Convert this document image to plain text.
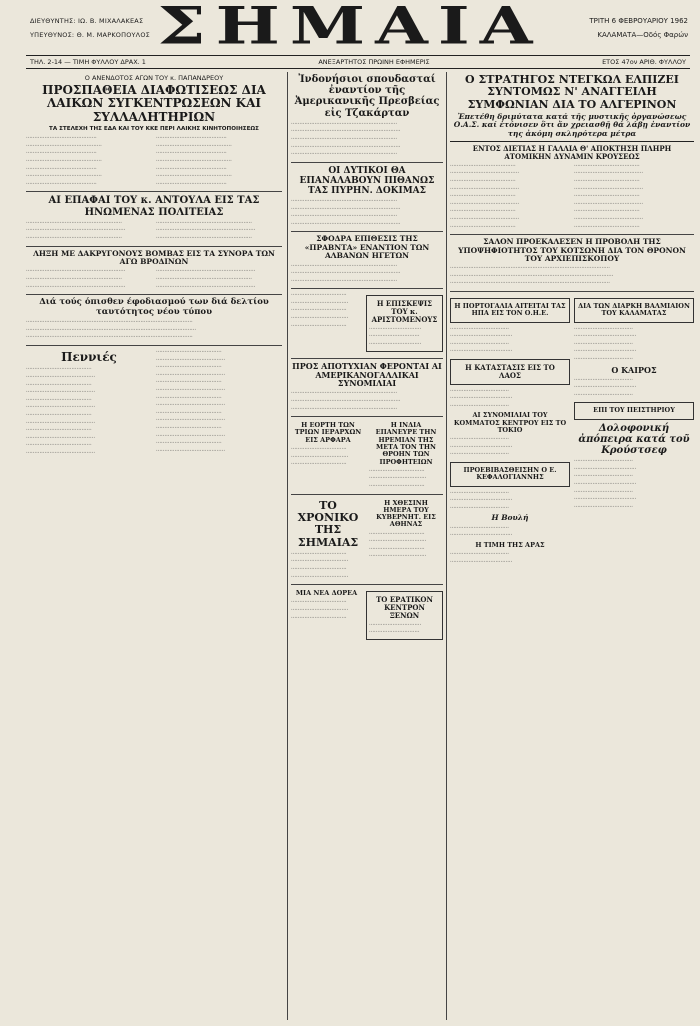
ΔΙΕΥΘΥΝΤΗΣ: ΙΩ. Β. ΜΙΧΑΛΑΚΕΑΣ
ΥΠΕΥΘΥΝΟΣ: Θ. Μ. ΜΑΡΚΟΠΟΥΛΟΣ ΣΗΜΑΙΑ	ΤΡΙΤΗ 6 ΦΕΒΡΟΥΑΡΙΟΥ 1962
ΚΑΛΑΜΑΤΑ—Οδός Φαρών
ΤΗΛ. 2-14 — ΤΙΜΗ ΦΥΛΛΟΥ ΔΡΑΧ. 1	ΑΝΕΞΑΡΤΗΤΟΣ ΠΡΩΙΝΗ ΕΦΗΜΕΡΙΣ	ΕΤΟΣ 47ον ΑΡΙΘ. ΦΥΛΛΟΥ
Ο ΑΝΕΝΔΟΤΟΣ ΑΓΩΝ ΤΟΥ κ. ΠΑΠΑΝΔΡΕΟΥ
ΠΡΟΣΠΑΘΕΙΑ ΔΙΑΦΩΤΙΣΕΩΣ ΔΙΑ ΛΑΙΚΩΝ ΣΥΓΚΕΝΤΡΩΣΕΩΝ ΚΑΙ ΣΥΛΛΑΛΗΤΗΡΙΩΝ
ΤΑ ΣΤΕΛΕΧΗ ΤΗΣ ΕΔΑ ΚΑΙ ΤΟΥ ΚΚΕ ΠΕΡΙ ΛΑΙΚΗΣ ΚΙΝΗΤΟΠΟΙΗΣΕΩΣ
·········································· ············································· ·········································· ············································· ·········································· ············································· ··········································
·········································· ············································· ·········································· ············································· ·········································· ············································· ··········································
ΑΙ ΕΠΑΦΑΙ ΤΟΥ κ. ΑΝΤΟΥΛΑ ΕΙΣ ΤΑΣ ΗΝΩΜΕΝΑΣ ΠΟΛΙΤΕΙΑΣ
························································· ··························································· ·························································
························································· ··························································· ·························································
ΛΗΞΗ ΜΕ ΔΑΚΡΥΓΟΝΟΥΣ ΒΟΜΒΑΣ ΕΙΣ ΤΑ ΣΥΝΟΡΑ ΤΩΝ ΑΓΩ ΒΡΟΔΙΝΩΝ
··························································· ························································· ···························································
··························································· ························································· ···························································
Διά τούς όπισθεν έφοδιασμού των διά δελτίου ταυτότητος νέου τύπου
··································································································· ····································································································· ···································································································
Πεννιές
······································· ········································· ······································· ········································· ······································· ········································· ······································· ········································· ······································· ········································· ······································· ·········································
······································· ········································· ······································· ········································· ······································· ········································· ······································· ········································· ······································· ········································· ······································· ········································· ······································· ·········································
Ἰνδονήσιοι σπουδασταί ἐναντίον τῆς Ἀμερικανικῆς Πρεσβείας εἰς Τζακάρταν
······························································· ································································· ······························································· ································································· ·······························································
ΟΙ ΔΥΤΙΚΟΙ ΘΑ ΕΠΑΝΑΛΑΒΟΥΝ ΠΙΘΑΝΩΣ ΤΑΣ ΠΥΡΗΝ. ΔΟΚΙΜΑΣ
······························································· ································································· ······························································· ·································································
ΣΦΟΔΡΑ ΕΠΙΘΕΣΙΣ ΤΗΣ «ΠΡΑΒΝΤΑ» ΕΝΑΝΤΙΟΝ ΤΩΝ ΑΛΒΑΝΩΝ ΗΓΕΤΩΝ
······························································· ································································· ·······························································
································· ·································· ································· ·································· ·································
Η ΕΠΙΣΚΕΨΙΣ ΤΟΥ κ. ΑΡΙΣΤΟΜΕΝΟΥΣ
······························· ······························ ·······························
ΠΡΟΣ ΑΠΟΤΥΧΙΑΝ ΦΕΡΟΝΤΑΙ ΑΙ ΑΜΕΡΙΚΑΝΟΓΑΛΛΙΚΑΙ ΣΥΝΟΜΙΛΙΑΙ
······························································· ································································· ·······························································
Η ΕΟΡΤΗ ΤΩΝ ΤΡΙΩΝ ΙΕΡΑΡΧΩΝ ΕΙΣ ΑΡΦΑΡΑ
································· ·································· ·································
Η ΙΝΔΙΑ ΕΠΑΝΕΥΡΕ ΤΗΝ ΗΡΕΜΙΑΝ ΤΗΣ ΜΕΤΑ ΤΟΝ ΤΗΝ ΘΡΟΗΝ ΤΩΝ ΠΡΟΦΗΤΕΙΩΝ
································· ·································· ·································
ΤΟ ΧΡΟΝΙΚΟ ΤΗΣ ΣΗΜΑΙΑΣ
································· ·································· ································· ··································
Η ΧΘΕΣΙΝΗ ΗΜΕΡΑ ΤΟΥ ΚΥΒΕΡΝΗΤ. ΕΙΣ ΑΘΗΝΑΣ
································· ·································· ································· ··································
ΜΙΑ ΝΕΑ ΔΟΡΕΑ
································· ·································· ·································
ΤΟ ΕΡΑΤΙΚΟΝ ΚΕΝΤΡΟΝ ΞΕΝΩΝ
······························· ······························
Ο ΣΤΡΑΤΗΓΟΣ ΝΤΕΓΚΩΛ ΕΛΠΙΖΕΙ ΣΥΝΤΟΜΩΣ Ν' ΑΝΑΓΓΕΙΛΗ ΣΥΜΦΩΝΙΑΝ ΔΙΑ ΤΟ ΑΛΓΕΡΙΝΟΝ
Ἐπετέθη δριμύτατα κατά τῆς μυστικῆς ὀργανώσεως Ο.Α.Σ. καί ἐτόνισεν ὅτι ἄν χρειασθῇ θά λάβῃ ἐναντίον της ἀκόμη σκληρότερα μέτρα
ΕΝΤΟΣ ΔΙΕΤΙΑΣ Η ΓΑΛΛΙΑ Θ' ΑΠΟΚΤΗΣΗ ΠΛΗΡΗ ΑΤΟΜΙΚΗΝ ΔΥΝΑΜΙΝ ΚΡΟΥΣΕΩΣ
······································· ········································· ······································· ········································· ······································· ········································· ······································· ········································· ·······································
······································· ········································· ······································· ········································· ······································· ········································· ······································· ········································· ·······································
ΣΑΛΟΝ ΠΡΟΕΚΑΛΕΣΕΝ Η ΠΡΟΒΟΛΗ ΤΗΣ ΥΠΟΨΗΦΙΟΤΗΤΟΣ ΤΟΥ ΚΟΤΣΩΝΗ ΔΙΑ ΤΟΝ ΘΡΟΝΟΝ ΤΟΥ ΑΡΧΙΕΠΙΣΚΟΠΟΥ
······························································································· ································································································· ·······························································································
Η ΠΟΡΤΟΓΑΛΙΑ ΑΙΤΕΙΤΑΙ ΤΑΣ ΗΠΑ ΕΙΣ ΤΟΝ Ο.Η.Ε.
··································· ····································· ··································· ·····································
Η ΚΑΤΑΣΤΑΣΙΣ ΕΙΣ ΤΟ ΛΑΟΣ
··································· ····································· ···································
ΑΙ ΣΥΝΟΜΙΛΙΑΙ ΤΟΥ ΚΟΜΜΑΤΟΣ ΚΕΝΤΡΟΥ ΕΙΣ ΤΟ ΤΟΚΙΟ
··································· ····································· ···································
ΠΡΟΕΒΙΒΑΣΘΕΙΣΗΝ Ο Ε. ΚΕΦΑΛΟΓΙΑΝΝΗΣ
··································· ····································· ···································
Η Βουλή
··································· ·····································
Η ΤΙΜΗ ΤΗΣ ΑΡΑΣ
··································· ·····································
ΔΙΑ ΤΩΝ ΔΙΑΡΚΗ ΒΑΛΜΙΑΙΟΝ ΤΟΥ ΚΑΛΑΜΑΤΑΣ
··································· ····································· ··································· ····································· ···································
Ο ΚΑΙΡΟΣ
··································· ····································· ···································
ΕΠΙ ΤΟΥ ΠΕΙΣΤΗΡΙΟΥ
Δολοφονική ἀπόπειρα κατά τοῦ Κρούστσεφ
··································· ····································· ··································· ····································· ··································· ····································· ···································
